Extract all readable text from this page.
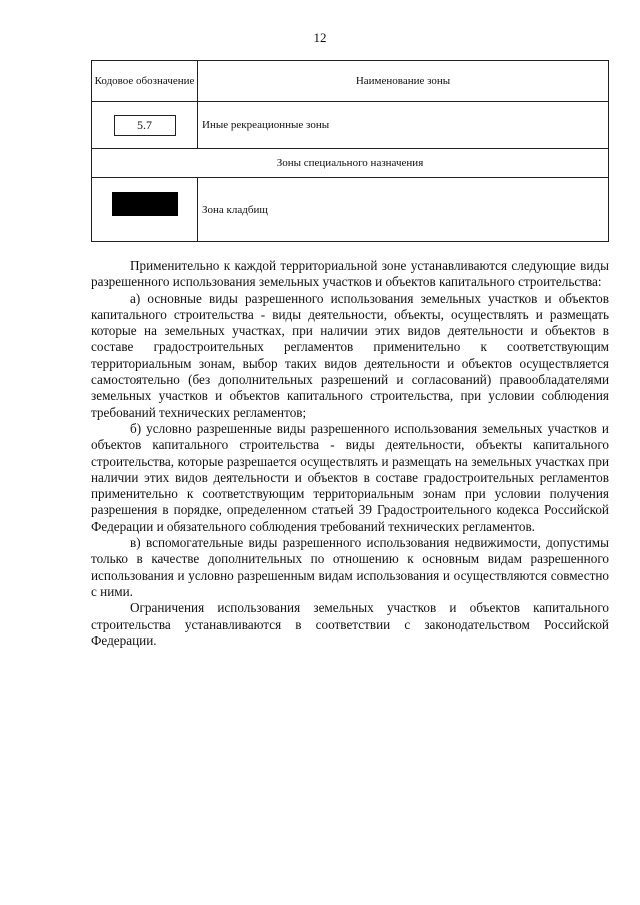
12
Кодовое обозначение	Наименование зоны

5.7	Иные рекреационные зоны
Зоны специального назначения	

	Зона кладбищ

Применительно к каждой территориальной зоне устанавливаются следующие виды разрешенного использования земельных участков и объектов капитального строительства:

а) основные виды разрешенного использования земельных участков и объектов капитального строительства - виды деятельности, объекты, осуществлять и размещать которые на земельных участках, при наличии этих видов деятельности и объектов в составе градостроительных регламентов применительно к соответствующим территориальным зонам, выбор таких видов деятельности и объектов осуществляется самостоятельно (без дополнительных разрешений и согласований) правообладателями земельных участков и объектов капитального строительства, при условии соблюдения требований технических регламентов;

б) условно разрешенные виды разрешенного использования земельных участков и объектов капитального строительства - виды деятельности, объекты капитального строительства, которые разрешается осуществлять и размещать на земельных участках при наличии этих видов деятельности и объектов в составе градостроительных регламентов применительно к соответствующим территориальным зонам при условии получения разрешения в порядке, определенном статьей 39 Градостроительного кодекса Российской Федерации и обязательного соблюдения требований технических регламентов.

в) вспомогательные виды разрешенного использования недвижимости, допустимы только в качестве дополнительных по отношению к основным видам разрешенного использования и условно разрешенным видам использования и осуществляются совместно с ними.

Ограничения использования земельных участков и объектов капитального строительства устанавливаются в соответствии с законодательством Российской Федерации.
